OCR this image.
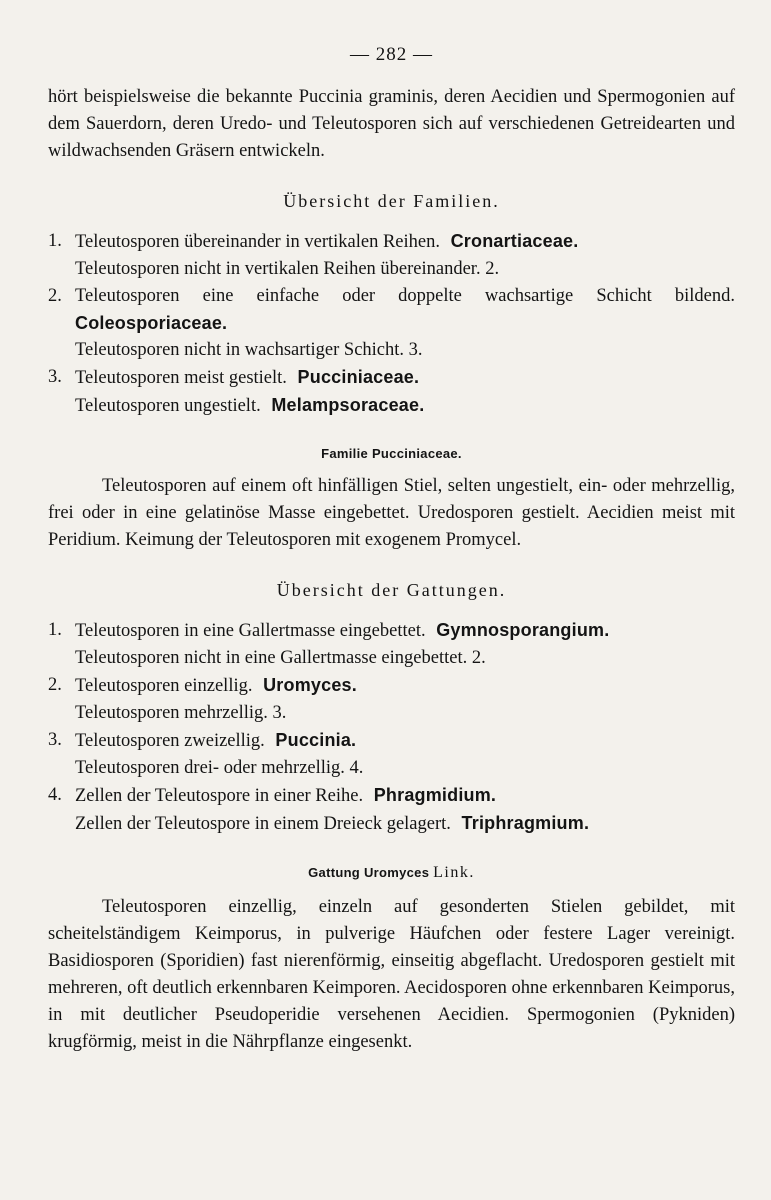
— 282 —

hört beispielsweise die bekannte Puccinia graminis, deren Aecidien und Spermogonien auf dem Sauerdorn, deren Uredo- und Teleutosporen sich auf verschiedenen Getreidearten und wildwachsenden Gräsern entwickeln.

Übersicht der Familien.
1. Teleutosporen übereinander in vertikalen Reihen. Cronartiaceae.
Teleutosporen nicht in vertikalen Reihen übereinander. 2.
2. Teleutosporen eine einfache oder doppelte wachsartige Schicht bildend.
Coleosporiaceae.
Teleutosporen nicht in wachsartiger Schicht. 3.
3. Teleutosporen meist gestielt. Pucciniaceae.
Teleutosporen ungestielt. Melampsoraceae.
Familie Pucciniaceae.

Teleutosporen auf einem oft hinfälligen Stiel, selten ungestielt, ein- oder mehrzellig, frei oder in eine gelatinöse Masse eingebettet. Uredosporen gestielt. Aecidien meist mit Peridium. Keimung der Teleutosporen mit exogenem Promycel.

Übersicht der Gattungen.
1. Teleutosporen in eine Gallertmasse eingebettet. Gymnosporangium.
Teleutosporen nicht in eine Gallertmasse eingebettet. 2.
2. Teleutosporen einzellig. Uromyces.
Teleutosporen mehrzellig. 3.
3. Teleutosporen zweizellig. Puccinia.
Teleutosporen drei- oder mehrzellig. 4.
4. Zellen der Teleutospore in einer Reihe. Phragmidium.
Zellen der Teleutospore in einem Dreieck gelagert. Triphragmium.
Gattung Uromyces Link.

Teleutosporen einzellig, einzeln auf gesonderten Stielen gebildet, mit scheitelständigem Keimporus, in pulverige Häufchen oder festere Lager vereinigt. Basidiosporen (Sporidien) fast nierenförmig, einseitig abgeflacht. Uredosporen gestielt mit mehreren, oft deutlich erkennbaren Keimporen. Aecidosporen ohne erkennbaren Keimporus, in mit deutlicher Pseudoperidie versehenen Aecidien. Spermogonien (Pykniden) krugförmig, meist in die Nährpflanze eingesenkt.
